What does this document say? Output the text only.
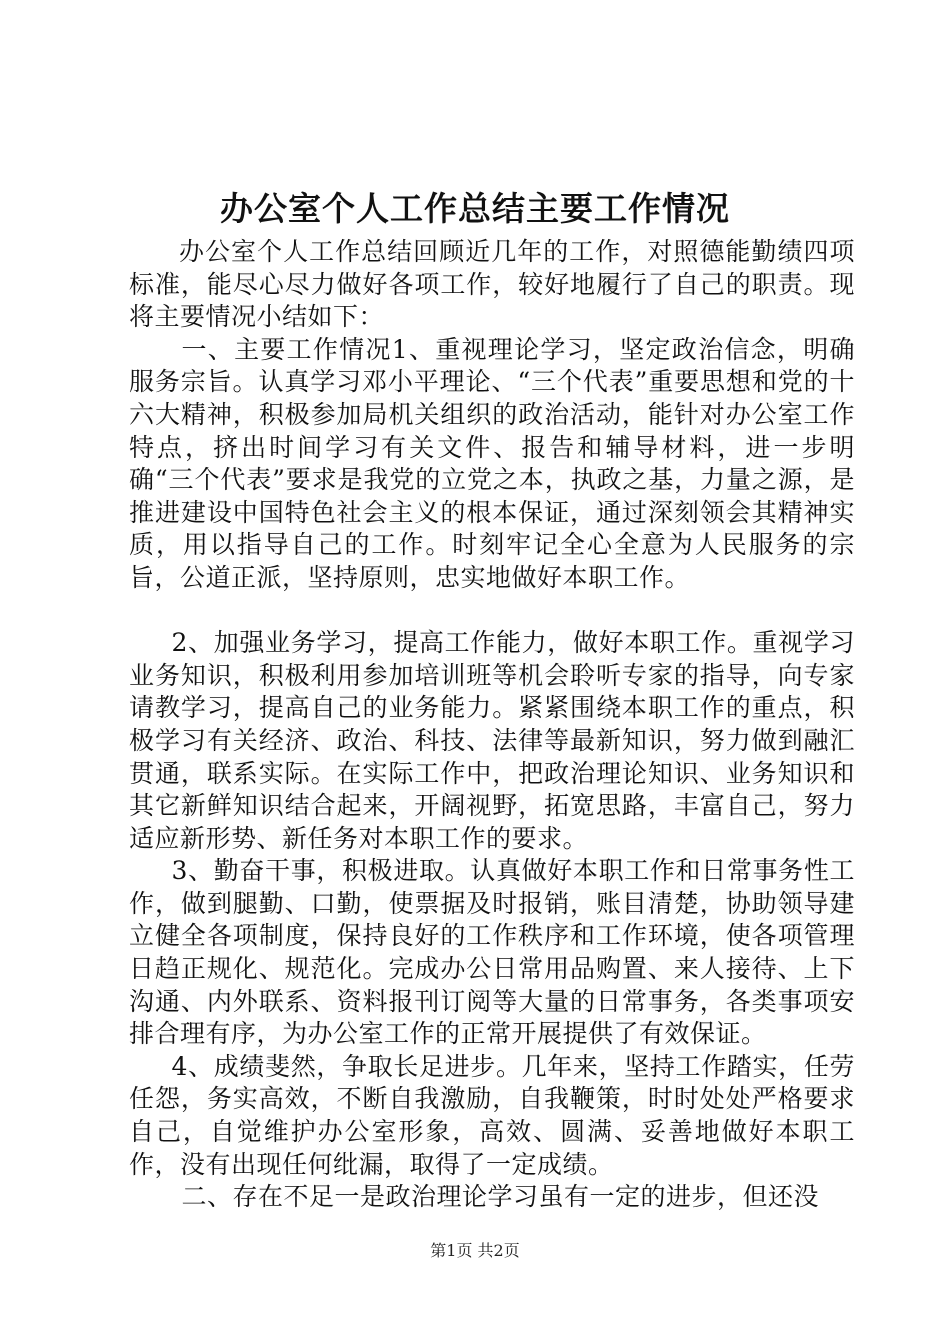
办公室个人工作总结主要工作情况

办公室个人工作总结回顾近几年的工作，对照德能勤绩四项标准，能尽心尽力做好各项工作，较好地履行了自己的职责。现将主要情况小结如下：

一、主要工作情况1、重视理论学习，坚定政治信念，明确服务宗旨。认真学习邓小平理论、“三个代表”重要思想和党的十六大精神，积极参加局机关组织的政治活动，能针对办公室工作特点，挤出时间学习有关文件、报告和辅导材料，进一步明确“三个代表”要求是我党的立党之本，执政之基，力量之源，是推进建设中国特色社会主义的根本保证，通过深刻领会其精神实质，用以指导自己的工作。时刻牢记全心全意为人民服务的宗旨，公道正派，坚持原则，忠实地做好本职工作。

2、加强业务学习，提高工作能力，做好本职工作。重视学习业务知识，积极利用参加培训班等机会聆听专家的指导，向专家请教学习，提高自己的业务能力。紧紧围绕本职工作的重点，积极学习有关经济、政治、科技、法律等最新知识，努力做到融汇贯通，联系实际。在实际工作中，把政治理论知识、业务知识和其它新鲜知识结合起来，开阔视野，拓宽思路，丰富自己，努力适应新形势、新任务对本职工作的要求。

3、勤奋干事，积极进取。认真做好本职工作和日常事务性工作，做到腿勤、口勤，使票据及时报销，账目清楚，协助领导建立健全各项制度，保持良好的工作秩序和工作环境，使各项管理日趋正规化、规范化。完成办公日常用品购置、来人接待、上下沟通、内外联系、资料报刊订阅等大量的日常事务，各类事项安排合理有序，为办公室工作的正常开展提供了有效保证。

4、成绩斐然，争取长足进步。几年来，坚持工作踏实，任劳任怨，务实高效，不断自我激励，自我鞭策，时时处处严格要求自己，自觉维护办公室形象，高效、圆满、妥善地做好本职工作，没有出现任何纰漏，取得了一定成绩。

二、存在不足一是政治理论学习虽有一定的进步，但还没

第1页 共2页
